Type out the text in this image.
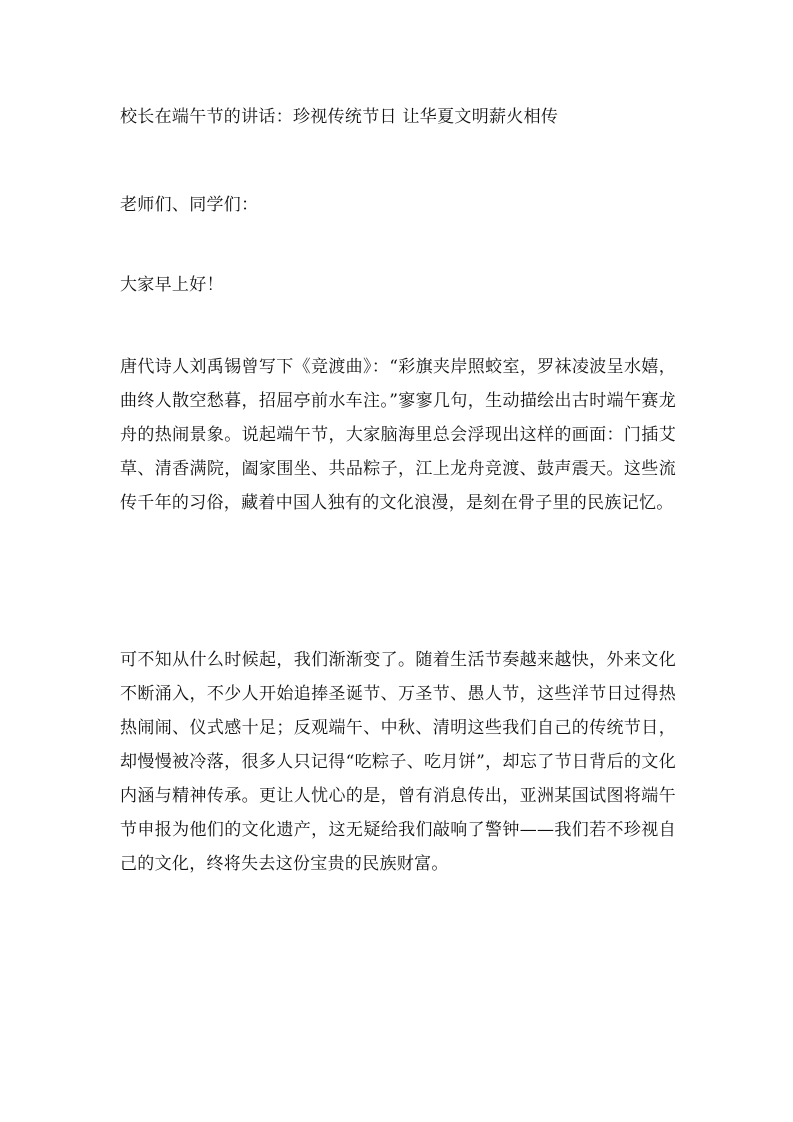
校长在端午节的讲话：珍视传统节日 让华夏文明薪火相传

老师们、同学们：

大家早上好！

唐代诗人刘禹锡曾写下《竞渡曲》：“彩旗夹岸照蛟室，罗袜凌波呈水嬉，曲终人散空愁暮，招屈亭前水车注。”寥寥几句，生动描绘出古时端午赛龙舟的热闹景象。说起端午节，大家脑海里总会浮现出这样的画面：门插艾草、清香满院，阖家围坐、共品粽子，江上龙舟竞渡、鼓声震天。这些流传千年的习俗，藏着中国人独有的文化浪漫，是刻在骨子里的民族记忆。

可不知从什么时候起，我们渐渐变了。随着生活节奏越来越快，外来文化不断涌入，不少人开始追捧圣诞节、万圣节、愚人节，这些洋节日过得热热闹闹、仪式感十足；反观端午、中秋、清明这些我们自己的传统节日，却慢慢被冷落，很多人只记得“吃粽子、吃月饼”，却忘了节日背后的文化内涵与精神传承。更让人忧心的是，曾有消息传出，亚洲某国试图将端午节申报为他们的文化遗产，这无疑给我们敲响了警钟——我们若不珍视自己的文化，终将失去这份宝贵的民族财富。
